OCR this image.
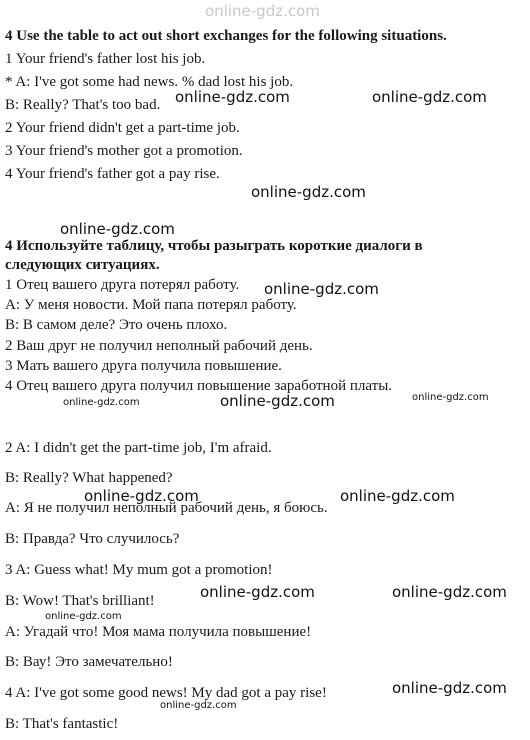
online-gdz.com
4 Use the table to act out short exchanges for the following situations.
1 Your friend's father lost his job.
* A: I've got some had news. % dad lost his job.
B: Really? That's too bad.
2 Your friend didn't get a part-time job.
3 Your friend's mother got a promotion.
4 Your friend's father got a pay rise.
4 Используйте таблицу, чтобы разыграть короткие диалоги в
следующих ситуациях.
1 Отец вашего друга потерял работу.
A: У меня новости. Мой папа потерял работу.
B: В самом деле? Это очень плохо.
2 Ваш друг не получил неполный рабочий день.
3 Мать вашего друга получила повышение.
4 Отец вашего друга получил повышение заработной платы.
2 A: I didn't get the part-time job, I'm afraid.
B: Really? What happened?
A: Я не получил неполный рабочий день, я боюсь.
B: Правда? Что случилось?
3 A: Guess what! My mum got a promotion!
B: Wow! That's brilliant!
A: Угадай что! Моя мама получила повышение!
B: Вау! Это замечательно!
4 A: I've got some good news! My dad got a pay rise!
B: That's fantastic!
online-gdz.com	online-gdz.com
online-gdz.com
online-gdz.com
online-gdz.com
online-gdz.com	online-gdz.com	online-gdz.com
online-gdz.com	online-gdz.com
online-gdz.com	online-gdz.com
online-gdz.com
online-gdz.com
online-gdz.com
